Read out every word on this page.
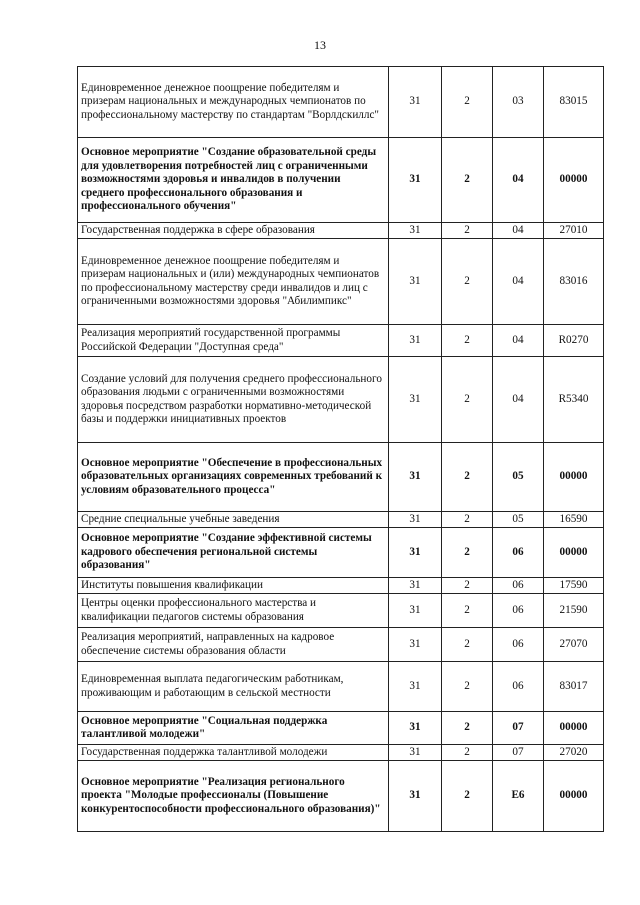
13
Единовременное денежное поощрение победителям и призерам национальных и международных чемпионатов по профессиональному мастерству по стандартам "Ворлдскиллс"	31	2	03	83015
Основное мероприятие "Создание образовательной среды для удовлетворения потребностей лиц с ограниченными возможностями здоровья и инвалидов в получении среднего профессионального образования и профессионального обучения"	31	2	04	00000
Государственная поддержка в сфере образования	31	2	04	27010
Единовременное денежное поощрение победителям и призерам национальных и (или) международных чемпионатов по профессиональному мастерству среди инвалидов и лиц с ограниченными возможностями здоровья "Абилимпикс"	31	2	04	83016
Реализация мероприятий государственной программы Российской Федерации "Доступная среда"	31	2	04	R0270
Создание условий для получения среднего профессионального образования людьми с ограниченными возможностями здоровья посредством разработки нормативно-методической базы и поддержки инициативных проектов	31	2	04	R5340
Основное мероприятие "Обеспечение в профессиональных образовательных организациях современных требований к условиям образовательного процесса"	31	2	05	00000
Средние специальные учебные заведения	31	2	05	16590
Основное мероприятие "Создание эффективной системы кадрового обеспечения региональной системы образования"	31	2	06	00000
Институты повышения квалификации	31	2	06	17590
Центры оценки профессионального мастерства и квалификации педагогов системы образования	31	2	06	21590
Реализация мероприятий, направленных на кадровое обеспечение системы образования области	31	2	06	27070
Единовременная выплата педагогическим работникам, проживающим и работающим в сельской местности	31	2	06	83017
Основное мероприятие "Социальная поддержка талантливой молодежи"	31	2	07	00000
Государственная поддержка талантливой молодежи	31	2	07	27020
Основное мероприятие "Реализация регионального проекта "Молодые профессионалы (Повышение конкурентоспособности профессионального образования)"	31	2	Е6	00000
